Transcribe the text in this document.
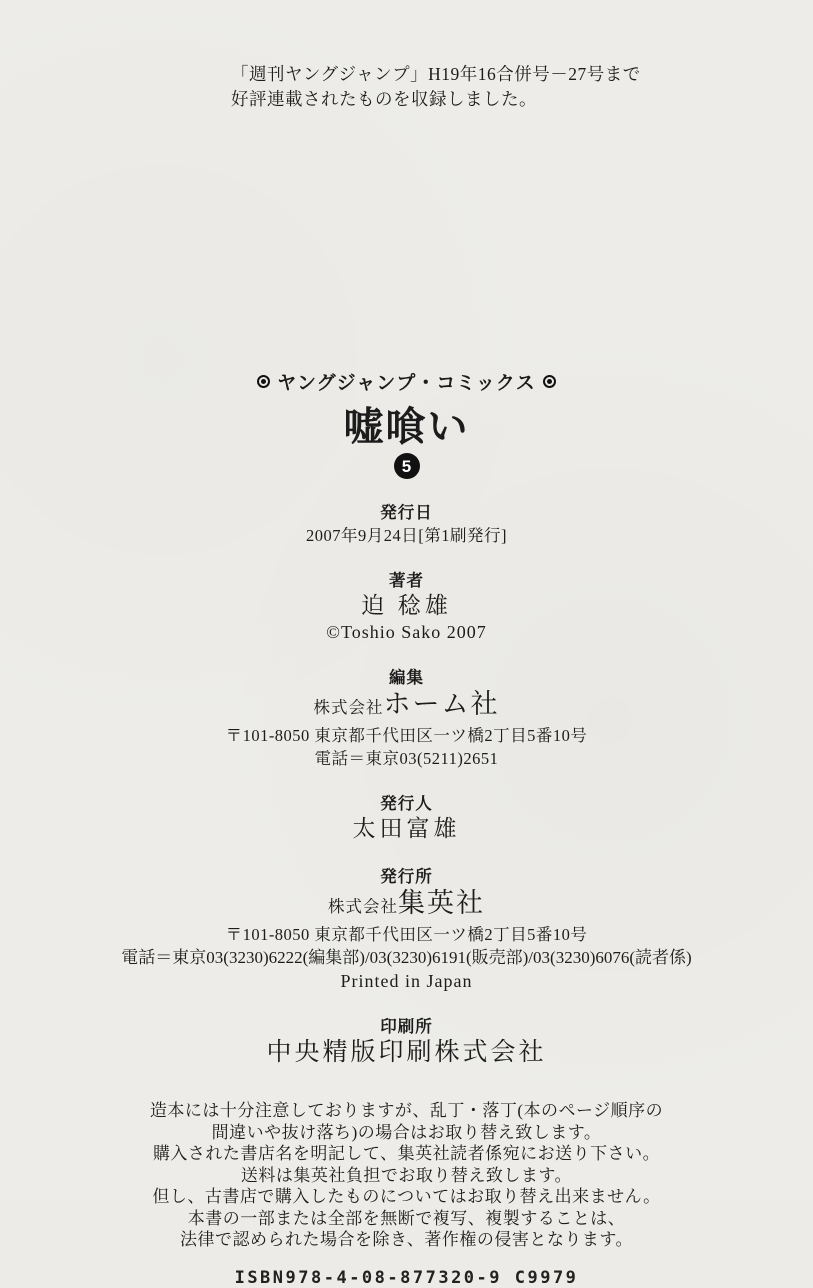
「週刊ヤングジャンプ」H19年16合併号－27号まで
好評連載されたものを収録しました。
ヤングジャンプ・コミックス
嘘喰い
5
発行日
2007年9月24日[第1刷発行]
著者
迫 稔雄
©Toshio Sako 2007
編集
株式会社ホーム社
〒101-8050 東京都千代田区一ツ橋2丁目5番10号
電話＝東京03(5211)2651
発行人
太田富雄
発行所
株式会社集英社
〒101-8050 東京都千代田区一ツ橋2丁目5番10号
電話＝東京03(3230)6222(編集部)/03(3230)6191(販売部)/03(3230)6076(読者係)
Printed in Japan
印刷所
中央精版印刷株式会社
造本には十分注意しておりますが、乱丁・落丁(本のページ順序の
間違いや抜け落ち)の場合はお取り替え致します。
購入された書店名を明記して、集英社読者係宛にお送り下さい。
送料は集英社負担でお取り替え致します。
但し、古書店で購入したものについてはお取り替え出来ません。
本書の一部または全部を無断で複写、複製することは、
法律で認められた場合を除き、著作権の侵害となります。
ISBN978-4-08-877320-9 C9979
